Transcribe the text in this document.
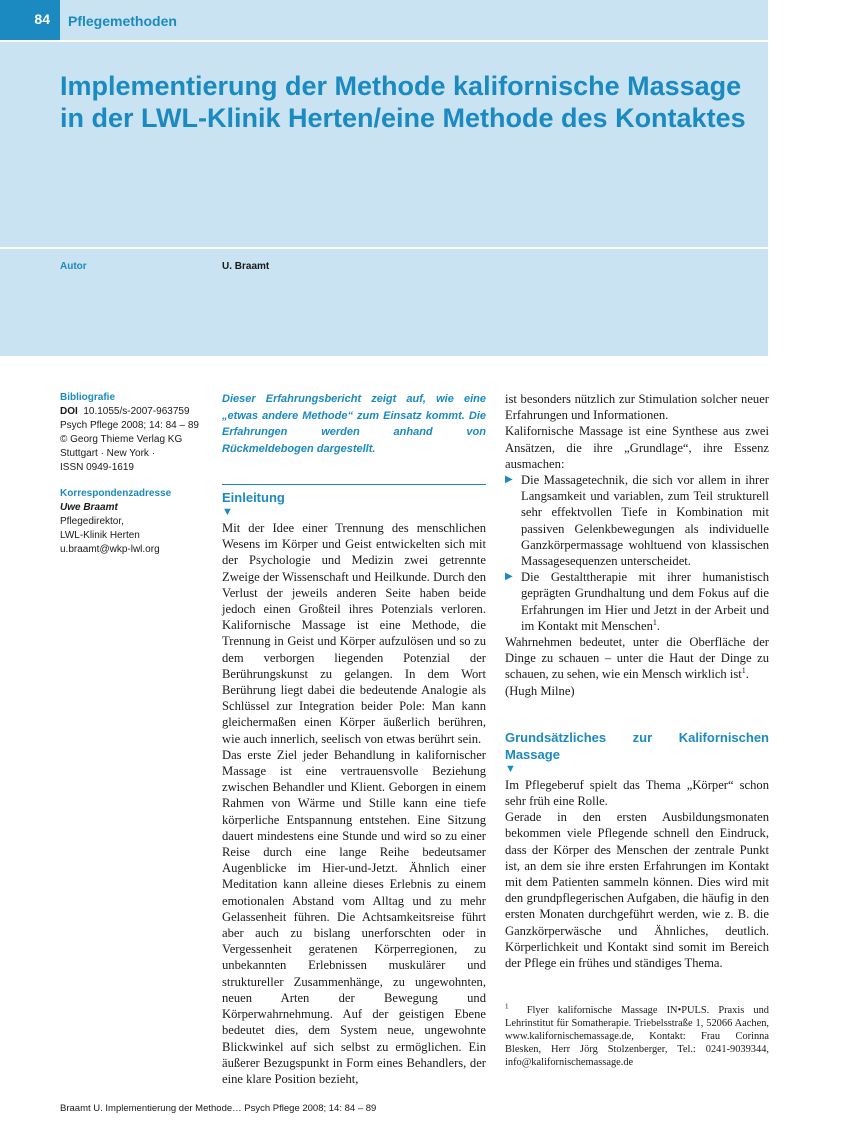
84	Pflegemethoden
Implementierung der Methode kalifornische Massage in der LWL-Klinik Herten/eine Methode des Kontaktes
Autor	U. Braamt
Bibliografie
DOI 10.1055/s-2007-963759
Psych Pflege 2008; 14: 84 – 89
© Georg Thieme Verlag KG
Stuttgart · New York ·
ISSN 0949-1619
Korrespondenzadresse
Uwe Braamt
Pflegedirektor,
LWL-Klinik Herten
u.braamt@wkp-lwl.org

Dieser Erfahrungsbericht zeigt auf, wie eine „etwas andere Methode“ zum Einsatz kommt. Die Erfahrungen werden anhand von Rückmeldebogen dargestellt.

Einleitung
▼

Mit der Idee einer Trennung des menschlichen Wesens im Körper und Geist entwickelten sich mit der Psychologie und Medizin zwei getrennte Zweige der Wissenschaft und Heilkunde. Durch den Verlust der jeweils anderen Seite haben beide jedoch einen Großteil ihres Potenzials verloren. Kalifornische Massage ist eine Methode, die Trennung in Geist und Körper aufzulösen und so zu dem verborgen liegenden Potenzial der Berührungskunst zu gelangen. In dem Wort Berührung liegt dabei die bedeutende Analogie als Schlüssel zur Integration beider Pole: Man kann gleichermaßen einen Körper äußerlich berühren, wie auch innerlich, seelisch von etwas berührt sein.

Das erste Ziel jeder Behandlung in kalifornischer Massage ist eine vertrauensvolle Beziehung zwischen Behandler und Klient. Geborgen in einem Rahmen von Wärme und Stille kann eine tiefe körperliche Entspannung entstehen. Eine Sitzung dauert mindestens eine Stunde und wird so zu einer Reise durch eine lange Reihe bedeutsamer Augenblicke im Hier-und-Jetzt. Ähnlich einer Meditation kann alleine dieses Erlebnis zu einem emotionalen Abstand vom Alltag und zu mehr Gelassenheit führen. Die Achtsamkeitsreise führt aber auch zu bislang unerforschten oder in Vergessenheit geratenen Körperregionen, zu unbekannten Erlebnissen muskulärer und struktureller Zusammenhänge, zu ungewohnten, neuen Arten der Bewegung und Körperwahrnehmung. Auf der geistigen Ebene bedeutet dies, dem System neue, ungewohnte Blickwinkel auf sich selbst zu ermöglichen. Ein äußerer Bezugspunkt in Form eines Behandlers, der eine klare Position bezieht,

ist besonders nützlich zur Stimulation solcher neuer Erfahrungen und Informationen.

Kalifornische Massage ist eine Synthese aus zwei Ansätzen, die ihre „Grundlage“, ihre Essenz ausmachen:

▶ Die Massagetechnik, die sich vor allem in ihrer Langsamkeit und variablen, zum Teil strukturell sehr effektvollen Tiefe in Kombination mit passiven Gelenkbewegungen als individuelle Ganzkörpermassage wohltuend von klassischen Massagesequenzen unterscheidet.
▶ Die Gestalttherapie mit ihrer humanistisch geprägten Grundhaltung und dem Fokus auf die Erfahrungen im Hier und Jetzt in der Arbeit und im Kontakt mit Menschen$^1$.

Wahrnehmen bedeutet, unter die Oberfläche der Dinge zu schauen – unter die Haut der Dinge zu schauen, zu sehen, wie ein Mensch wirklich ist$^1$.

(Hugh Milne)

Grundsätzliches zur Kalifornischen Massage
▼

Im Pflegeberuf spielt das Thema „Körper“ schon sehr früh eine Rolle.

Gerade in den ersten Ausbildungsmonaten bekommen viele Pflegende schnell den Eindruck, dass der Körper des Menschen der zentrale Punkt ist, an dem sie ihre ersten Erfahrungen im Kontakt mit dem Patienten sammeln können. Dies wird mit den grundpflegerischen Aufgaben, die häufig in den ersten Monaten durchgeführt werden, wie z. B. die Ganzkörperwäsche und Ähnliches, deutlich. Körperlichkeit und Kontakt sind somit im Bereich der Pflege ein frühes und ständiges Thema.

$^1$ Flyer kalifornische Massage IN•PULS. Praxis und Lehrinstitut für Somatherapie. Triebelsstraße 1, 52066 Aachen, www.kalifornischemassage.de, Kontakt: Frau Corinna Blesken, Herr Jörg Stolzenberger, Tel.: 0241-9039344, info@kalifornischemassage.de
Braamt U. Implementierung der Methode… Psych Pflege 2008; 14: 84 – 89
